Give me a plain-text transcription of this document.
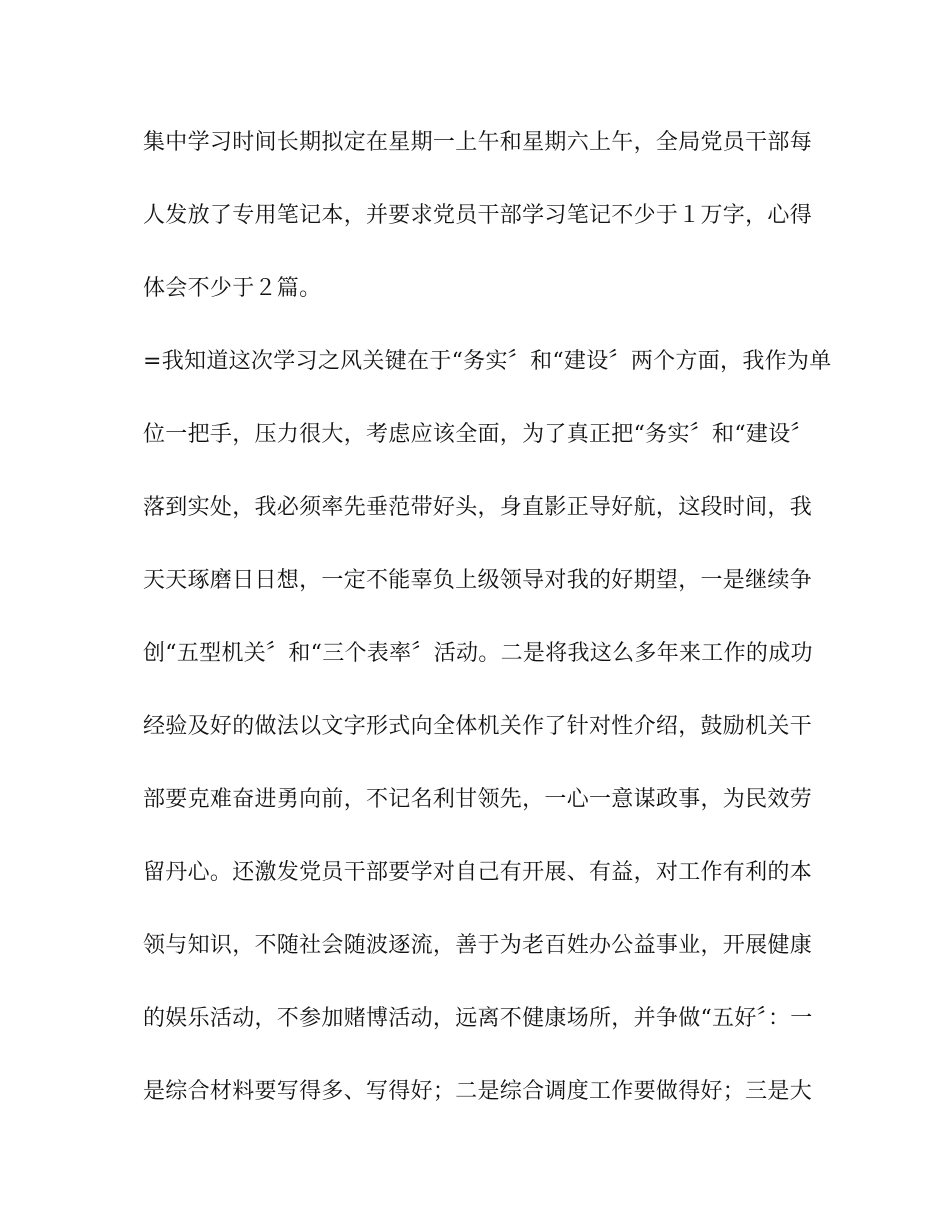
集中学习时间长期拟定在星期一上午和星期六上午，全局党员干部每

人发放了专用笔记本，并要求党员干部学习笔记不少于１万字，心得

体会不少于２篇。

=我知道这次学习之风关键在于“务实〞和“建设〞两个方面，我作为单

位一把手，压力很大，考虑应该全面，为了真正把“务实〞和“建设〞

落到实处，我必须率先垂范带好头，身直影正导好航，这段时间，我

天天琢磨日日想，一定不能辜负上级领导对我的好期望，一是继续争

创“五型机关〞和“三个表率〞活动。二是将我这么多年来工作的成功

经验及好的做法以文字形式向全体机关作了针对性介绍，鼓励机关干

部要克难奋进勇向前，不记名利甘领先，一心一意谋政事，为民效劳

留丹心。还激发党员干部要学对自己有开展、有益，对工作有利的本

领与知识，不随社会随波逐流，善于为老百姓办公益事业，开展健康

的娱乐活动，不参加赌博活动，远离不健康场所，并争做“五好〞：一

是综合材料要写得多、写得好；二是综合调度工作要做得好；三是大
